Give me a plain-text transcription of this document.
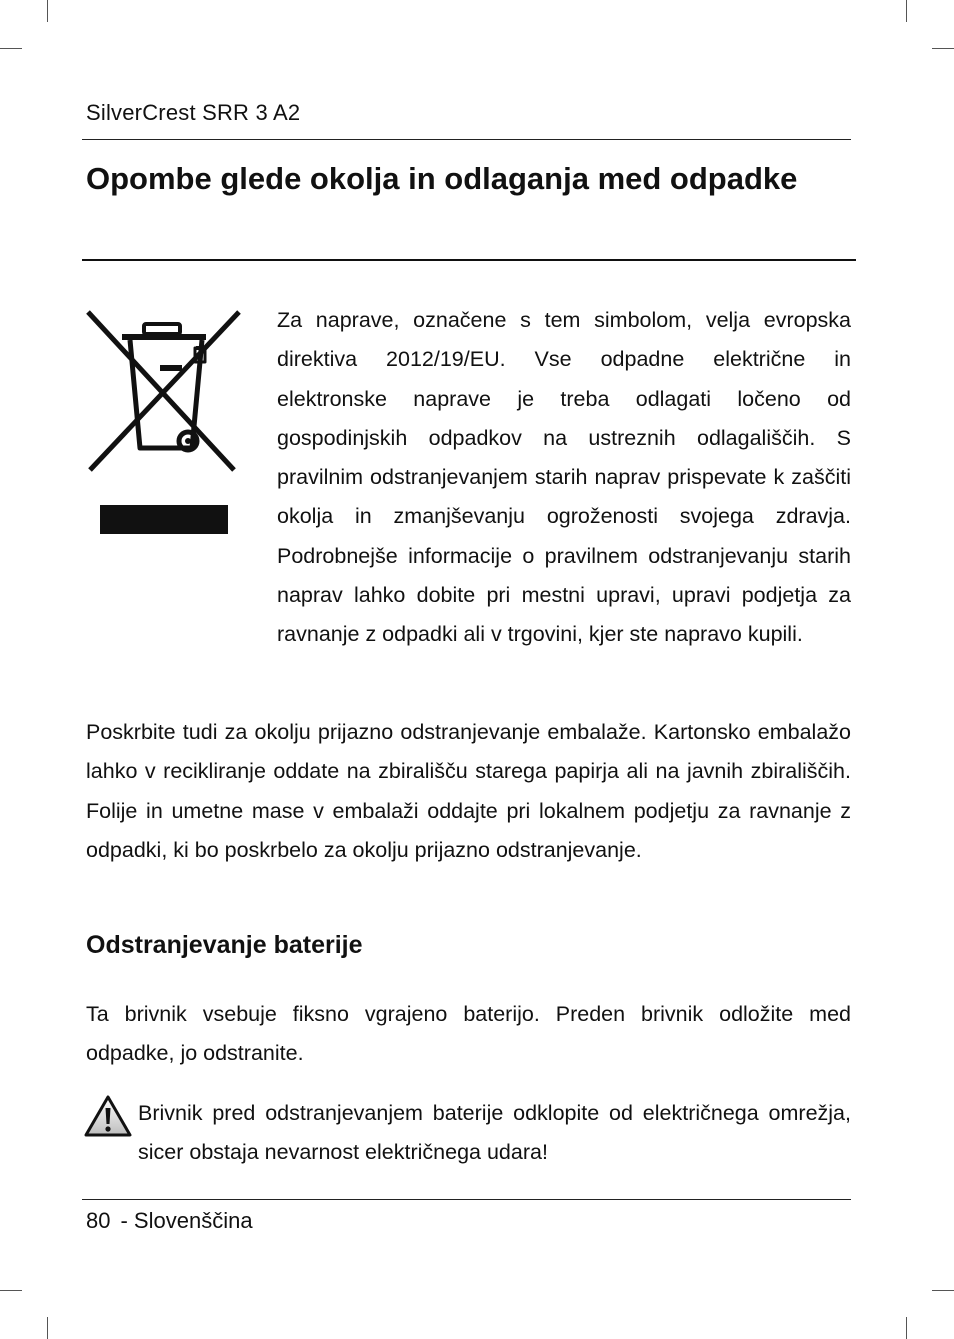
SilverCrest SRR 3 A2
Opombe glede okolja in odlaganja med odpadke

Za naprave, označene s tem simbolom, velja evropska direktiva 2012/19/EU. Vse odpadne električne in elektronske naprave je treba odlagati ločeno od gospodinjskih odpadkov na ustreznih odlagališčih. S pravilnim odstranjevanjem starih naprav prispevate k zaščiti okolja in zmanjševanju ogroženosti svojega zdravja. Podrobnejše informacije o pravilnem odstranjevanju starih naprav lahko dobite pri mestni upravi, upravi podjetja za ravnanje z odpadki ali v trgovini, kjer ste napravo kupili.

Poskrbite tudi za okolju prijazno odstranjevanje embalaže. Kartonsko embalažo lahko v recikliranje oddate na zbirališču starega papirja ali na javnih zbirališčih. Folije in umetne mase v embalaži oddajte pri lokalnem podjetju za ravnanje z odpadki, ki bo poskrbelo za okolju prijazno odstranjevanje.

Odstranjevanje baterije

Ta brivnik vsebuje fiksno vgrajeno baterijo. Preden brivnik odložite med odpadke, jo odstranite.

Brivnik pred odstranjevanjem baterije odklopite od električnega omrežja, sicer obstaja nevarnost električnega udara!

80 - Slovenščina
